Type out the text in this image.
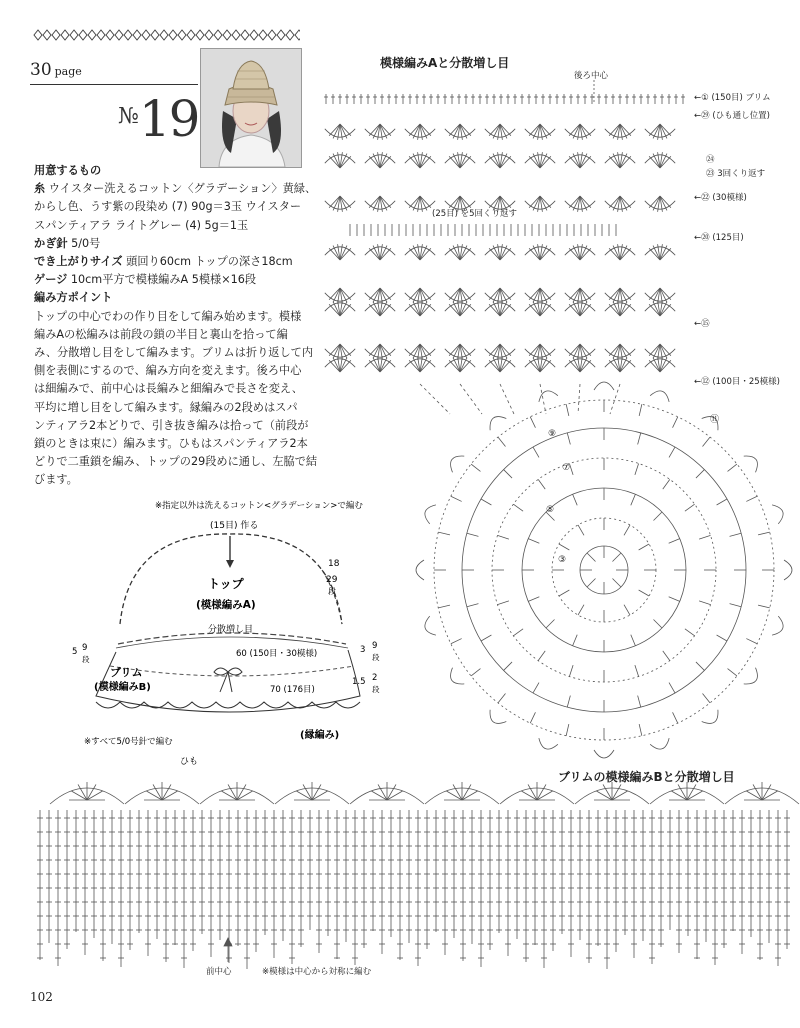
30 page
№19

用意するもの

糸 ウイスター洗えるコットン〈グラデーション〉黄緑、

からし色、うす紫の段染め (7) 90g＝3玉 ウイスター

スパンティアラ ライトグレー (4) 5g＝1玉

かぎ針 5/0号

でき上がりサイズ 頭回り60cm トップの深さ18cm

ゲージ 10cm平方で模様編みA 5模様×16段

編み方ポイント

トップの中心でわの作り目をして編み始めます。模様

編みAの松編みは前段の鎖の半目と裏山を拾って編

み、分散増し目をして編みます。ブリムは折り返して内

側を表側にするので、編み方向を変えます。後ろ中心

は細編みで、前中心は長編みと細編みで長さを変え、

平均に増し目をして編みます。縁編みの2段めはスパ

ンティアラ2本どりで、引き抜き編みは拾って（前段が

鎖のときは束に）編みます。ひもはスパンティアラ2本

どりで二重鎖を編み、トップの29段めに通し、左脇で結

びます。

※指定以外は洗えるコットン<グラデーション>で編む
(15目) 作る
18
29
段
トップ
(模様編みA)
分散増し目
60 (150目・30模様)
5 9
段
3 9
段
ブリム
(模様編みB)	70 (176目)
1.5 2
段
(縁編み)
※すべて5/0号針で編む
ひも
模様編みAと分散増し目
後ろ中心
←① (150目) ブリム
←㉙ (ひも通し位置)
㉔
㉓ 3回くり返す
←㉒ (30模様)
(25目) を5回くり返す
←⑳ (125目)
←⑮
←⑫ (100目・25模様)
⑪
⑨
⑦
⑤
③
ブリムの模様編みBと分散増し目
前中心	※模様は中心から対称に編む
102
